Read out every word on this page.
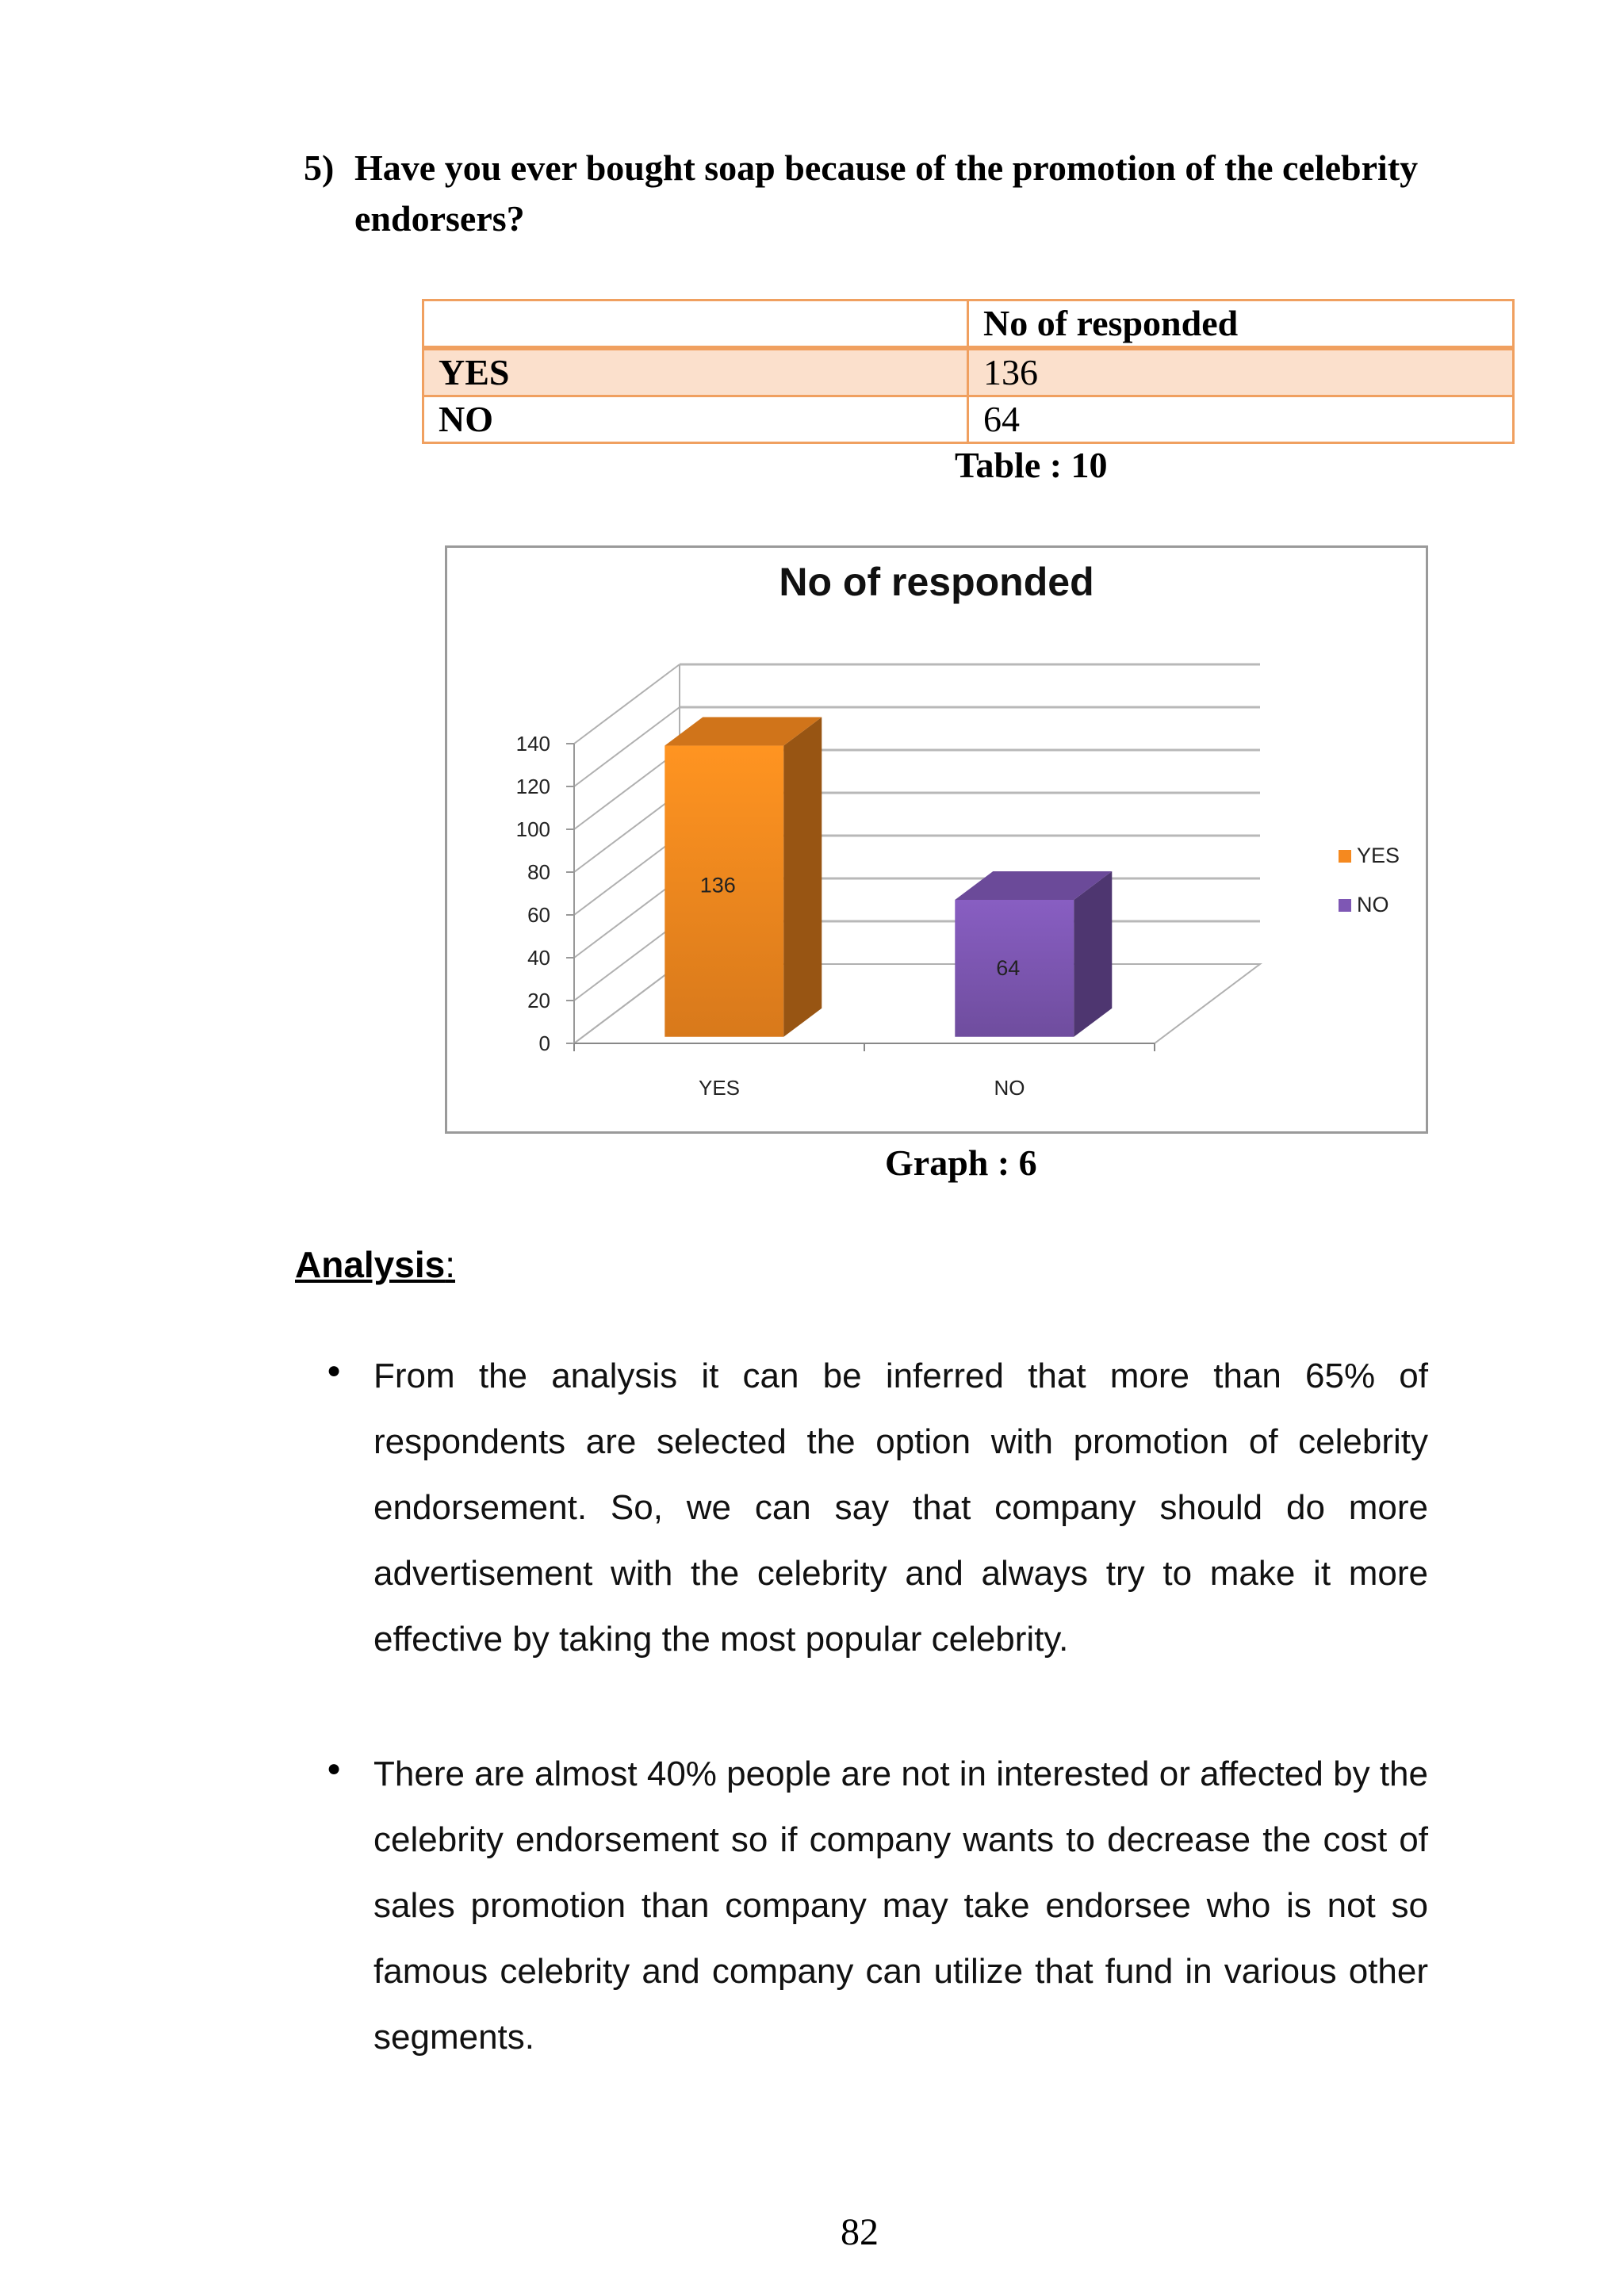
5) Have you ever bought soap because of the promotion of the celebrity endorsers?
	No of responded
YES	136
NO	64
Table : 10
No of responded
0
20
40
60
80
100
120
140
136
YES
64
NO
YES
NO
Graph : 6
Analysis:
● From the analysis it can be inferred that more than 65% of respondents are selected the option with promotion of celebrity endorsement. So, we can say that company should do more advertisement with the celebrity and always try to make it more effective by taking the most popular celebrity.

● There are almost 40% people are not in interested or affected by the celebrity endorsement so if company wants to decrease the cost of sales promotion than company may take endorsee who is not so famous celebrity and company can utilize that fund in various other segments.

82
